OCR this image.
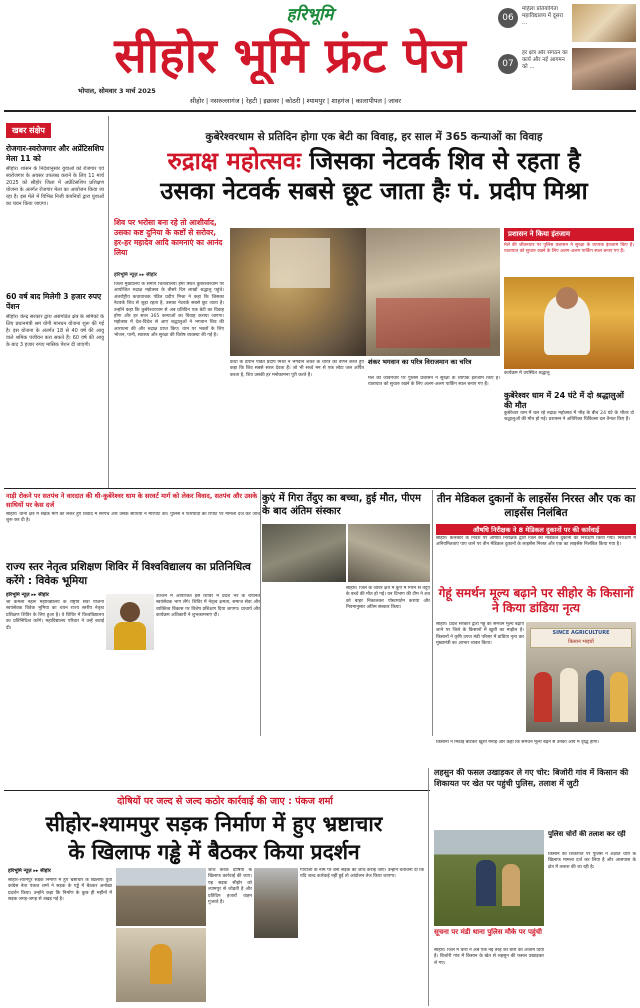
हरिभूमि
सीहोर भूमि फ्रंट पेज
भोपाल, सोमवार 3 मार्च 2025
06
महिला प्रतियोगिता महाविद्यालय में दूसरा ...
07
हर क्षेत्र और संगठन का कार्य और नई आगमन को ...
सीहोर | नसरुल्लागंज | रेहटी | इछावर | कोठरी | श्यामपुर | शाहगंज | कालापीपल | जावर
खबर संक्षेप
रोजगार-स्वरोजगार और अप्रेंटिसशिप मेला 11 को
सीहोर। शासन के निर्देशानुसार युवाओं को रोजगार एवं स्वरोजगार के अवसर उपलब्ध कराने के लिए 11 मार्च 2025 को सीहोर जिला में अप्रेंटिसशिप प्रशिक्षण योजना के अंतर्गत रोजगार मेला का आयोजन किया जा रहा है। इस मेले में विभिन्न निजी कंपनियों द्वारा युवाओं का चयन किया जाएगा।
60 वर्ष बाद मिलेगी 3 हजार रुपए पेंशन
सीहोर। केन्द्र सरकार द्वारा असंगठित क्षेत्र के श्रमिकों के लिए प्रधानमंत्री श्रम योगी मानधन योजना शुरू की गई है। इस योजना के अंतर्गत 18 से 40 वर्ष की आयु वाले श्रमिक पंजीयन करा सकते हैं। 60 वर्ष की आयु के बाद 3 हजार रुपए मासिक पेंशन दी जाएगी।
कुबेरेश्वरधाम से प्रतिदिन होगा एक बेटी का विवाह, हर साल में 365 कन्याओं का विवाह
रुद्राक्ष महोत्सवः जिसका नेटवर्क शिव से रहता है
उसका नेटवर्क सबसे छूट जाता हैः पं. प्रदीप मिश्रा
शिव पर भरोसा बना रहे तो आशीर्वाद, उसका कष्ट दुनिया के कष्टों से सरोवर, हर-हर महादेव आदि कामनाएं का आनंद लिया
हरिभूमि न्यूज़ ▸▸ सीहोर
जिला मुख्यालय के समीप चितावलिया हेमा स्थित कुबेरेश्वरधाम पर आयोजित रुद्राक्ष महोत्सव के तीसरे दिन लाखों श्रद्धालु पहुंचे। अंतर्राष्ट्रीय कथावाचक पंडित प्रदीप मिश्रा ने कहा कि जिसका नेटवर्क शिव से जुड़ा रहता है, उसका नेटवर्क सबसे छूट जाता है। उन्होंने कहा कि कुबेरेश्वरधाम से अब प्रतिदिन एक बेटी का विवाह होगा और हर साल 365 कन्याओं का विवाह कराया जाएगा। महोत्सव में देश-विदेश से आए श्रद्धालुओं ने भगवान शिव की आराधना की और रुद्राक्ष प्राप्त किए। धाम पर भक्तों के लिए भोजन, पानी, स्वास्थ्य और सुरक्षा की विशेष व्यवस्था की गई है।
कथा के दौरान पंडित प्रदीप मिश्रा ने भगवान शंकर के चरित्र का वर्णन करते हुए कहा कि शिव सबसे सरल देवता हैं। जो भी सच्चे मन से एक लोटा जल अर्पित करता है, शिव उसकी हर मनोकामना पूरी करते हैं।
शंकर भगवान का परित्र विराजमान का चरित्र
मेले की जीवनधार पर पुलिस प्रशासन ने सुरक्षा के व्यापक इंतजाम किए हैं। यातायात को सुचारु रखने के लिए अलग-अलग पार्किंग स्थल बनाए गए हैं।
प्रशासन ने किया इंतजाम
मेले की जीवनधार पर पुलिस प्रशासन ने सुरक्षा के व्यापक इंतजाम किए हैं। यातायात को सुचारु रखने के लिए अलग-अलग पार्किंग स्थल बनाए गए हैं।
कार्यक्रम में उपस्थित श्रद्धालु
कुबेरेश्वर धाम में 24 घंटे में दो श्रद्धालुओं की मौत
कुबेरेश्वर धाम में चल रहे रुद्राक्ष महोत्सव में भीड़ के बीच 24 घंटे के भीतर दो श्रद्धालुओं की मौत हो गई। प्रशासन ने अतिरिक्त चिकित्सा दल तैनात किए हैं।
नाड़ी रोकने पर सतपंच ने वारदात की थी-कुबेरेश्वर धाम के सरवर्ट मार्ग को लेकर विवाद, सतपंच और उसके साथियों पर केस दर्ज
सीहोर। थाना क्षेत्र में सड़क मार्ग को लेकर हुए विवाद में सरपंच और उसके साथियों ने मारपीट की। पुलिस ने फरियादी की रिपोर्ट पर मामला दर्ज कर जांच शुरू कर दी है।
कुएं में गिरा तेंदुए का बच्चा, हुई मौत, पीएम के बाद अंतिम संस्कार
सीहोर। जिले के जावर क्षेत्र में कुएं में गिरने से तेंदुए के बच्चे की मौत हो गई। वन विभाग की टीम ने शव को बाहर निकालकर पोस्टमार्टम कराया और नियमानुसार अंतिम संस्कार किया।
राज्य स्तर नेतृत्व प्रशिक्षण शिविर में विश्वविद्यालय का प्रतिनिधित्व करेंगे : विवेक भूमिया
हरिभूमि न्यूज़ ▸▸ सीहोर
श्री कमला नेहरू महाविद्यालय के राष्ट्रीय सेवा योजना स्वयंसेवक विवेक भूमिया का चयन राज्य स्तरीय नेतृत्व प्रशिक्षण शिविर के लिए हुआ है। वे शिविर में विश्वविद्यालय का प्रतिनिधित्व करेंगे। महाविद्यालय परिवार ने उन्हें बधाई दी।
उज्जैन में आयोजित इस शिविर में प्रदेश भर के चयनित स्वयंसेवक भाग लेंगे। शिविर में नेतृत्व क्षमता, समाज सेवा और व्यक्तित्व विकास पर विशेष प्रशिक्षण दिया जाएगा। प्राचार्य और कार्यक्रम अधिकारी ने शुभकामनाएं दीं।
तीन मेडिकल दुकानों के लाइसेंस निरस्त और एक का लाइसेंस निलंबित
औषधि निरीक्षक ने 8 मेडिकल दुकानों पर की कार्रवाई
सीहोर। कलेक्टर के निर्देश पर औषधि निरीक्षक द्वारा जिले की मेडिकल दुकानों का निरीक्षण किया गया। निरीक्षण में अनियमितताएं पाए जाने पर तीन मेडिकल दुकानों के लाइसेंस निरस्त और एक का लाइसेंस निलंबित किया गया है।
गेहूं समर्थन मूल्य बढ़ाने पर सीहोर के किसानों ने किया डांडिया नृत्य
सीहोर। प्रदेश सरकार द्वारा गेहूं का समर्थन मूल्य बढ़ाए जाने पर जिले के किसानों में खुशी का माहौल है। किसानों ने कृषि उपज मंडी परिसर में डांडिया नृत्य कर मुख्यमंत्री का आभार व्यक्त किया।
SINCE AGRICULTURE
किसान भाइयों
किसानों ने मिठाई बांटकर खुशी मनाई और कहा कि समर्थन मूल्य बढ़ने से उनकी आय में वृद्धि होगी।
दोषियों पर जल्द से जल्द कठोर कार्रवाई की जाए : पंकज शर्मा
सीहोर-श्यामपुर सड़क निर्माण में हुए भ्रष्टाचार
के खिलाफ गड्ढे में बैठकर किया प्रदर्शन
हरिभूमि न्यूज़ ▸▸ सीहोर
सीहोर-श्यामपुर सड़क निर्माण में हुए भ्रष्टाचार के खिलाफ युवा कांग्रेस नेता पंकज शर्मा ने सड़क के गड्ढे में बैठकर अनोखा प्रदर्शन किया। उन्होंने कहा कि निर्माण के कुछ ही महीनों में सड़क जगह-जगह से उखड़ गई है।
जांच करके दोषियों के खिलाफ कार्रवाई की जाए। यह सड़क सीहोर को श्यामपुर से जोड़ती है और प्रतिदिन हजारों वाहन गुजरते हैं।
गांधीजी के नाम पर बनी सड़क की जांच कराई जाए। उन्होंने चेतावनी दी कि यदि जल्द कार्रवाई नहीं हुई तो आंदोलन तेज किया जाएगा।
लहसुन की फसल उखाड़कर ले गए चोर: बिजोरी गांव में किसान की शिकायत पर खेत पर पहुंची पुलिस, तलाश में जुटी
सूचना पर मंडी थाना पुलिस मौके पर पहुंची
सीहोर। जिले में चोरों ने अब एक नई तरह की चोरी को अंजाम दिया है। बिजोरी गांव में किसान के खेत से लहसुन की फसल उखाड़कर ले गए।
पुलिस चोरों की तलाश कर रही
किसान की शिकायत पर पुलिस ने अज्ञात चोरों के खिलाफ मामला दर्ज कर लिया है और आसपास के क्षेत्र में तलाश की जा रही है।
